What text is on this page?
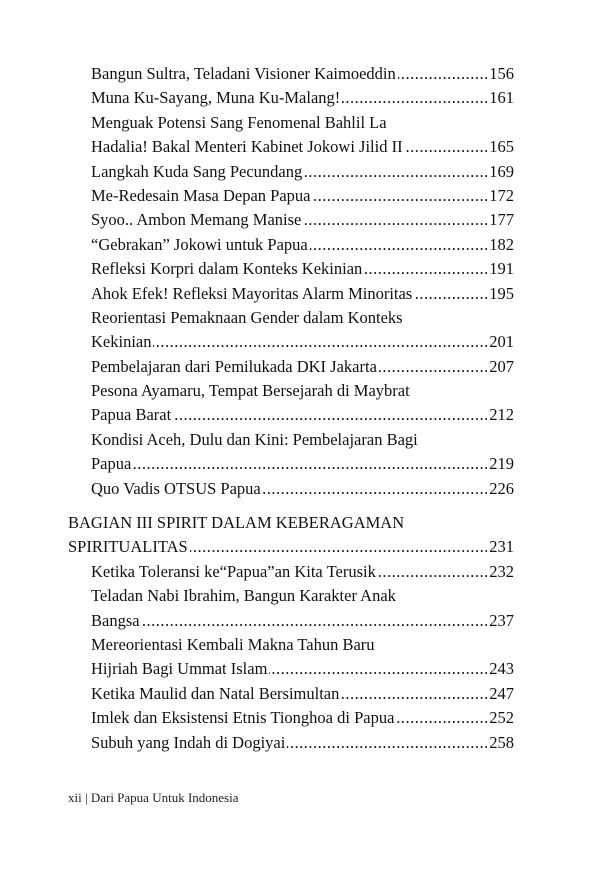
.....
Bangun Sultra, Teladani Visioner Kaimoeddin	156
.....
Muna Ku-Sayang, Muna Ku-Malang!	161
Menguak Potensi Sang Fenomenal Bahlil La
.....
Hadalia! Bakal Menteri Kabinet Jokowi Jilid II	165
.....
Langkah Kuda Sang Pecundang	169
.....
Me-Redesain Masa Depan Papua	172
.....
Syoo.. Ambon Memang Manise	177
.....
“Gebrakan” Jokowi untuk Papua	182
.....
Refleksi Korpri dalam Konteks Kekinian	191
.....
Ahok Efek! Refleksi Mayoritas Alarm Minoritas	195
Reorientasi Pemaknaan Gender dalam Konteks
.....
Kekinian	201
.....
Pembelajaran dari Pemilukada DKI Jakarta	207
Pesona Ayamaru, Tempat Bersejarah di Maybrat
.....
Papua Barat	212
Kondisi Aceh, Dulu dan Kini: Pembelajaran Bagi
.....
Papua	219
.....
Quo Vadis OTSUS Papua	226
BAGIAN III SPIRIT DALAM KEBERAGAMAN
.....
SPIRITUALITAS	231
.....
Ketika Toleransi ke“Papua”an Kita Terusik	232
Teladan Nabi Ibrahim, Bangun Karakter Anak
.....
Bangsa	237
Mereorientasi Kembali Makna Tahun Baru
.....
Hijriah Bagi Ummat Islam	243
.....
Ketika Maulid dan Natal Bersimultan	247
.....
Imlek dan Eksistensi Etnis Tionghoa di Papua	252
.....
Subuh yang Indah di Dogiyai	258
xii | Dari Papua Untuk Indonesia
